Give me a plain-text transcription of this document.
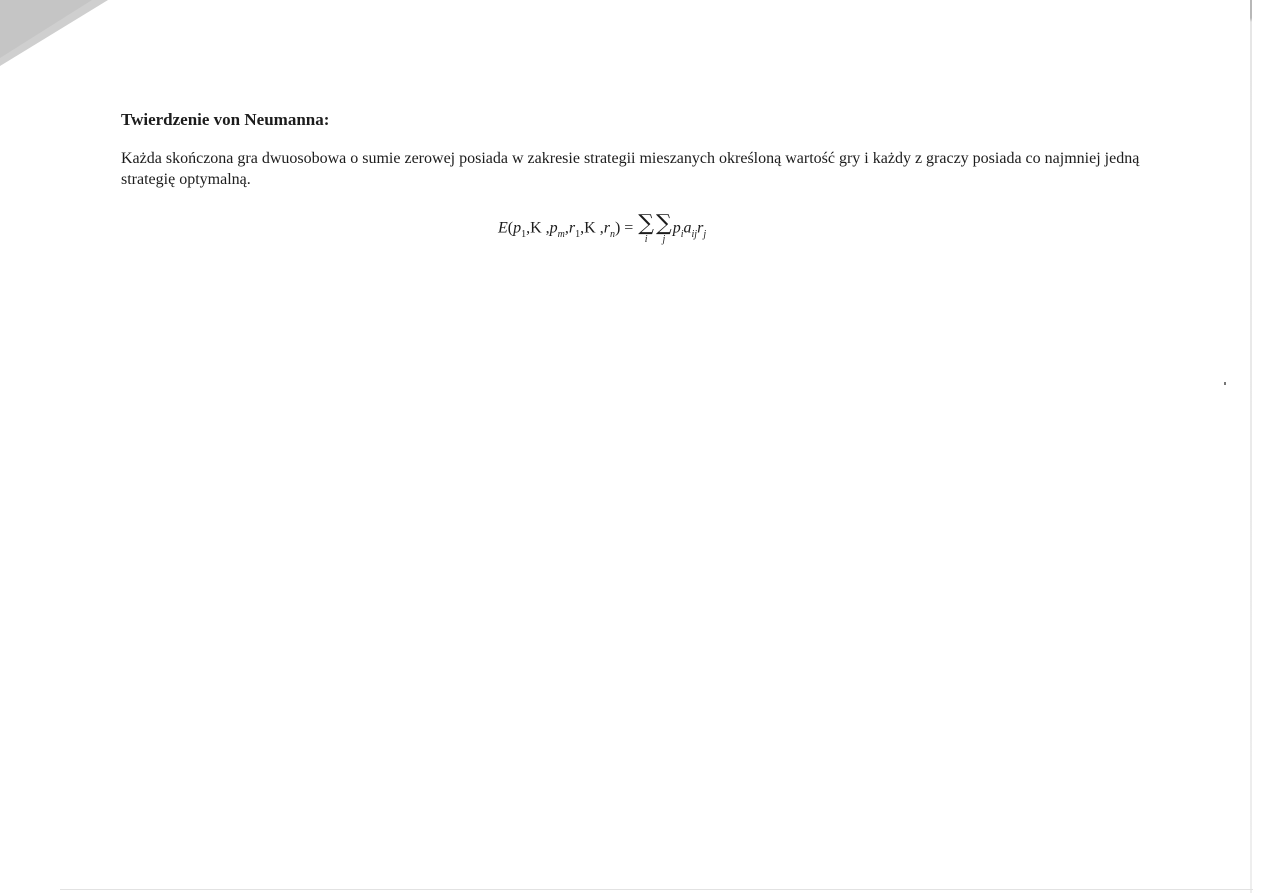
Twierdzenie von Neumanna:

Każda skończona gra dwuosobowa o sumie zerowej posiada w zakresie strategii mieszanych określoną wartość gry i każdy z graczy posiada co najmniej jedną strategię optymalną.

$E(p_1,K$ $,p_m,r_1,K$ $,r_n$) = ∑
i
∑
j
$p_ia_{ij}r_j$
